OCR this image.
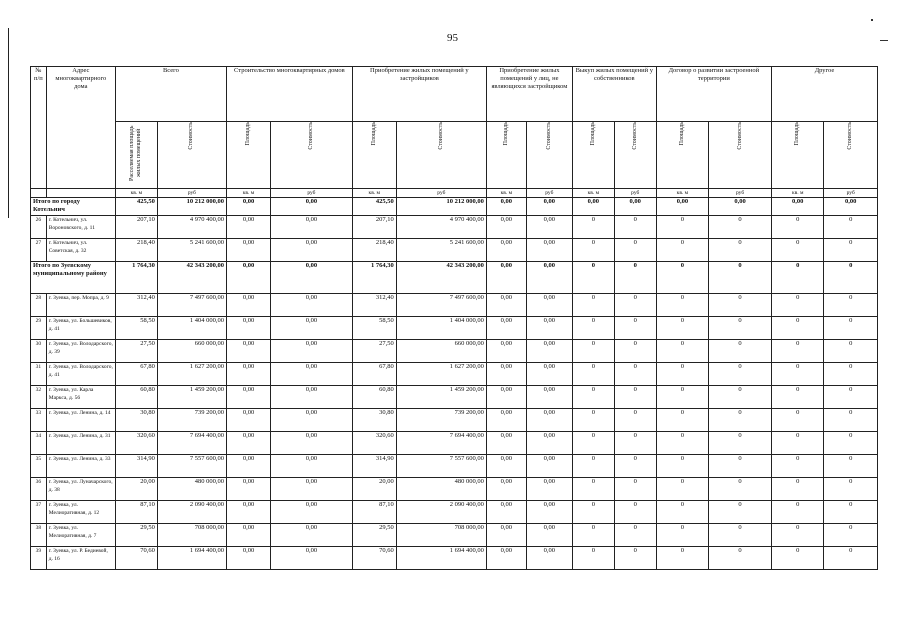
95
№ п/п	Адрес многоквартирного дома	Всего		Строительство многоквартирных домов		Приобретение жилых помещений у застройщиков		Приобретение жилых помещений у лиц, не являющихся застройщиком		Выкуп жилых помещений у собственников		Договор о развитии застроенной территории		Другое	

		Расселяемая площадь жилых помещений	Стоимость	Площадь	Стоимость	Площадь	Стоимость	Площадь	Стоимость	Площадь	Стоимость	Площадь	Стоимость	Площадь	Стоимость

		кв. м	руб	кв. м	руб	кв. м	руб	кв. м	руб	кв. м	руб	кв. м	руб	кв. м	руб
Итого по городу Котельнич		425,50	10 212 000,00	0,00	0,00	425,50	10 212 000,00	0,00	0,00	0,00	0,00	0,00	0,00	0,00	0,00
26	г. Котельнич, ул. Вороновского, д. 11	207,10	4 970 400,00	0,00	0,00	207,10	4 970 400,00	0,00	0,00	0	0	0	0	0	0
27	г. Котельнич, ул. Советская, д. 32	218,40	5 241 600,00	0,00	0,00	218,40	5 241 600,00	0,00	0,00	0	0	0	0	0	0
Итого по Зуевскому муниципальному району		1 764,30	42 343 200,00	0,00	0,00	1 764,30	42 343 200,00	0,00	0,00	0	0	0	0	0	0
28	г. Зуевка, пер. Мопра, д. 9	312,40	7 497 600,00	0,00	0,00	312,40	7 497 600,00	0,00	0,00	0	0	0	0	0	0
29	г. Зуевка, ул. Большевиков, д. 41	58,50	1 404 000,00	0,00	0,00	58,50	1 404 000,00	0,00	0,00	0	0	0	0	0	0
30	г. Зуевка, ул. Володарского, д. 39	27,50	660 000,00	0,00	0,00	27,50	660 000,00	0,00	0,00	0	0	0	0	0	0
31	г. Зуевка, ул. Володарского, д. 41	67,80	1 627 200,00	0,00	0,00	67,80	1 627 200,00	0,00	0,00	0	0	0	0	0	0
32	г. Зуевка, ул. Карла Маркса, д. 56	60,80	1 459 200,00	0,00	0,00	60,80	1 459 200,00	0,00	0,00	0	0	0	0	0	0
33	г. Зуевка, ул. Ленина, д. 14	30,80	739 200,00	0,00	0,00	30,80	739 200,00	0,00	0,00	0	0	0	0	0	0
34	г. Зуевка, ул. Ленина, д. 31	320,60	7 694 400,00	0,00	0,00	320,60	7 694 400,00	0,00	0,00	0	0	0	0	0	0
35	г. Зуевка, ул. Ленина, д. 33	314,90	7 557 600,00	0,00	0,00	314,90	7 557 600,00	0,00	0,00	0	0	0	0	0	0
36	г. Зуевка, ул. Луначарского, д. 38	20,00	480 000,00	0,00	0,00	20,00	480 000,00	0,00	0,00	0	0	0	0	0	0
37	г. Зуевка, ул. Мелиоративная, д. 12	87,10	2 090 400,00	0,00	0,00	87,10	2 090 400,00	0,00	0,00	0	0	0	0	0	0
38	г. Зуевка, ул. Мелиоративная, д. 7	29,50	708 000,00	0,00	0,00	29,50	708 000,00	0,00	0,00	0	0	0	0	0	0
39	г. Зуевка, ул. Р. Бедиевой, д. 16	70,60	1 694 400,00	0,00	0,00	70,60	1 694 400,00	0,00	0,00	0	0	0	0	0	0
